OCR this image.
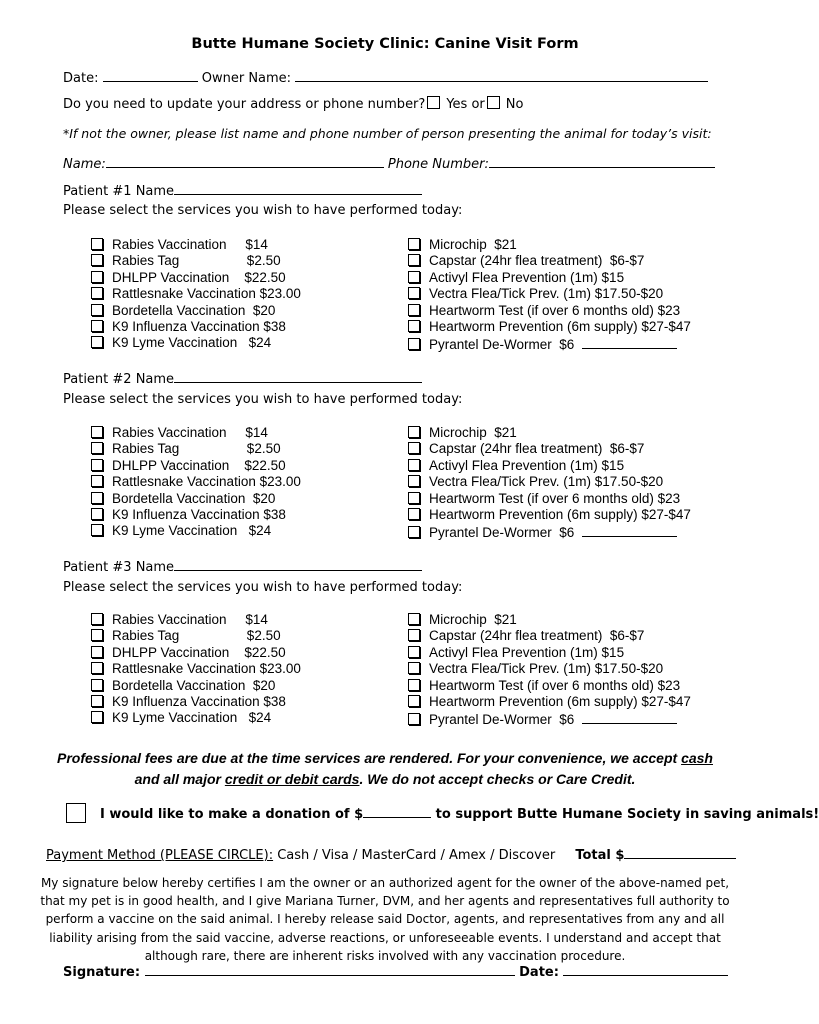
Butte Humane Society Clinic: Canine Visit Form
Date:	Owner Name:
Do you need to update your address or phone number? Yes or No
*If not the owner, please list name and phone number of person presenting the animal for today’s visit:
Name:	Phone Number:
Patient #1 Name
Please select the services you wish to have performed today:
Rabies Vaccination     $14
Rabies Tag                  $2.50
DHLPP Vaccination    $22.50
Rattlesnake Vaccination $23.00
Bordetella Vaccination  $20
K9 Influenza Vaccination $38
K9 Lyme Vaccination   $24
Microchip  $21
Capstar (24hr flea treatment)  $6-$7
Activyl Flea Prevention (1m) $15
Vectra Flea/Tick Prev. (1m) $17.50-$20
Heartworm Test (if over 6 months old) $23
Heartworm Prevention (6m supply) $27-$47
Pyrantel De-Wormer  $6
Patient #2 Name
Please select the services you wish to have performed today:
Rabies Vaccination     $14
Rabies Tag                  $2.50
DHLPP Vaccination    $22.50
Rattlesnake Vaccination $23.00
Bordetella Vaccination  $20
K9 Influenza Vaccination $38
K9 Lyme Vaccination   $24
Microchip  $21
Capstar (24hr flea treatment)  $6-$7
Activyl Flea Prevention (1m) $15
Vectra Flea/Tick Prev. (1m) $17.50-$20
Heartworm Test (if over 6 months old) $23
Heartworm Prevention (6m supply) $27-$47
Pyrantel De-Wormer  $6
Patient #3 Name
Please select the services you wish to have performed today:
Rabies Vaccination     $14
Rabies Tag                  $2.50
DHLPP Vaccination    $22.50
Rattlesnake Vaccination $23.00
Bordetella Vaccination  $20
K9 Influenza Vaccination $38
K9 Lyme Vaccination   $24
Microchip  $21
Capstar (24hr flea treatment)  $6-$7
Activyl Flea Prevention (1m) $15
Vectra Flea/Tick Prev. (1m) $17.50-$20
Heartworm Test (if over 6 months old) $23
Heartworm Prevention (6m supply) $27-$47
Pyrantel De-Wormer  $6
Professional fees are due at the time services are rendered. For your convenience, we accept cash
and all major credit or debit cards. We do not accept checks or Care Credit.
I would like to make a donation of $	to support Butte Humane Society in saving animals!
Payment Method (PLEASE CIRCLE): Cash / Visa / MasterCard / Amex / Discover Total $
My signature below hereby certifies I am the owner or an authorized agent for the owner of the above-named pet, that my pet is in good health, and I give Mariana Turner, DVM, and her agents and representatives full authority to perform a vaccine on the said animal. I hereby release said Doctor, agents, and representatives from any and all liability arising from the said vaccine, adverse reactions, or unforeseeable events. I understand and accept that although rare, there are inherent risks involved with any vaccination procedure.
Signature:	Date:
